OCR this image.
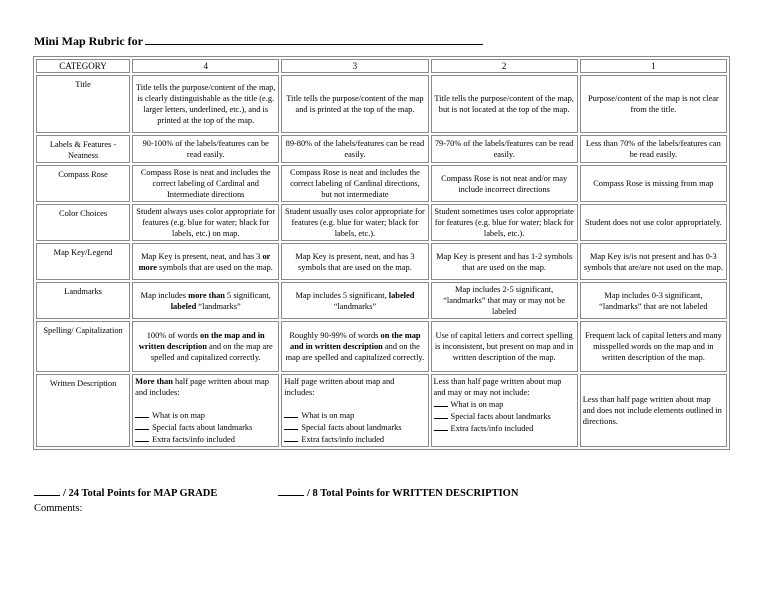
Mini Map Rubric for
CATEGORY	4	3	2	1
Title	Title tells the purpose/content of the map, is clearly distinguishable as the title (e.g. larger letters, underlined, etc.), and is printed at the top of the map.	Title tells the purpose/content of the map and is printed at the top of the map.	Title tells the purpose/content of the map, but is not located at the top of the map.	Purpose/content of the map is not clear from the title.
Labels & Features - Neatness	90-100% of the labels/features can be read easily.	89-80% of the labels/features can be read easily.	79-70% of the labels/features can be read easily.	Less than 70% of the labels/features can be read easily.
Compass Rose	Compass Rose is neat and includes the correct labeling of Cardinal and Intermediate directions	Compass Rose is neat and includes the correct labeling of Cardinal directions, but not intermediate	Compass Rose is not neat and/or may include incorrect directions	Compass Rose is missing from map
Color Choices	Student always uses color appropriate for features (e.g. blue for water; black for labels, etc.) on map.	Student usually uses color appropriate for features (e.g. blue for water; black for labels, etc.).	Student sometimes uses color appropriate for features (e.g. blue for water; black for labels, etc.).	Student does not use color appropriately.
Map Key/Legend	Map Key is present, neat, and has 3 or more symbols that are used on the map.	Map Key is present, neat, and has 3 symbols that are used on the map.	Map Key is present and has 1-2 symbols that are used on the map.	Map Key is/is not present and has 0-3 symbols that are/are not used on the map.
Landmarks	Map includes more than 5 significant, labeled “landmarks”	Map includes 5 significant, labeled “landmarks”	Map includes 2-5 significant, “landmarks” that may or may not be labeled	Map includes 0-3 significant, “landmarks” that are not labeled
Spelling/ Capitalization	100% of words on the map and in written description and on the map are spelled and capitalized correctly.	Roughly 90-99% of words on the map and in written description and on the map are spelled and capitalized correctly.	Use of capital letters and correct spelling is inconsistent, but present on map and in written description of the map.	Frequent lack of capital letters and many misspelled words on the map and in written description of the map.
Written Description	More than half page written about map and includes:

What is on map
Special facts about landmarks
Extra facts/info included	Half page written about map and includes:

What is on map
Special facts about landmarks
Extra facts/info included	Less than half page written about map and may or may not include:
What is on map
Special facts about landmarks
Extra facts/info included	Less than half page written about map and does not include elements outlined in directions.
/ 24 Total Points for MAP GRADE	/ 8 Total Points for WRITTEN DESCRIPTION
Comments:
